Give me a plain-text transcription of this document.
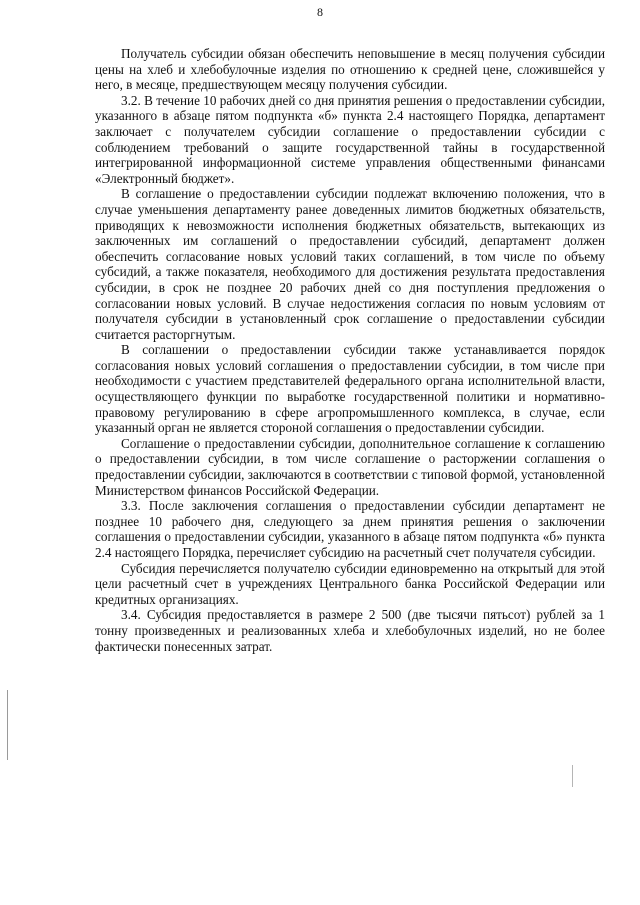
8

Получатель субсидии обязан обеспечить неповышение в месяц получения субсидии цены на хлеб и хлебобулочные изделия по отношению к средней цене, сложившейся у него, в месяце, предшествующем месяцу получения субсидии.

3.2. В течение 10 рабочих дней со дня принятия решения о предоставлении субсидии, указанного в абзаце пятом подпункта «б» пункта 2.4 настоящего Порядка, департамент заключает с получателем субсидии соглашение о предоставлении субсидии с соблюдением требований о защите государственной тайны в государственной интегрированной информационной системе управления общественными финансами «Электронный бюджет».

В соглашение о предоставлении субсидии подлежат включению положения, что в случае уменьшения департаменту ранее доведенных лимитов бюджетных обязательств, приводящих к невозможности исполнения бюджетных обязательств, вытекающих из заключенных им соглашений о предоставлении субсидий, департамент должен обеспечить согласование новых условий таких соглашений, в том числе по объему субсидий, а также показателя, необходимого для достижения результата предоставления субсидии, в срок не позднее 20 рабочих дней со дня поступления предложения о согласовании новых условий. В случае недостижения согласия по новым условиям от получателя субсидии в установленный срок соглашение о предоставлении субсидии считается расторгнутым.

В соглашении о предоставлении субсидии также устанавливается порядок согласования новых условий соглашения о предоставлении субсидии, в том числе при необходимости с участием представителей федерального органа исполнительной власти, осуществляющего функции по выработке государственной политики и нормативно-правовому регулированию в сфере агропромышленного комплекса, в случае, если указанный орган не является стороной соглашения о предоставлении субсидии.

Соглашение о предоставлении субсидии, дополнительное соглашение к соглашению о предоставлении субсидии, в том числе соглашение о расторжении соглашения о предоставлении субсидии, заключаются в соответствии с типовой формой, установленной Министерством финансов Российской Федерации.

3.3. После заключения соглашения о предоставлении субсидии департамент не позднее 10 рабочего дня, следующего за днем принятия решения о заключении соглашения о предоставлении субсидии, указанного в абзаце пятом подпункта «б» пункта 2.4 настоящего Порядка, перечисляет субсидию на расчетный счет получателя субсидии.

Субсидия перечисляется получателю субсидии единовременно на открытый для этой цели расчетный счет в учреждениях Центрального банка Российской Федерации или кредитных организациях.

3.4. Субсидия предоставляется в размере 2 500 (две тысячи пятьсот) рублей за 1 тонну произведенных и реализованных хлеба и хлебобулочных изделий, но не более фактически понесенных затрат.
